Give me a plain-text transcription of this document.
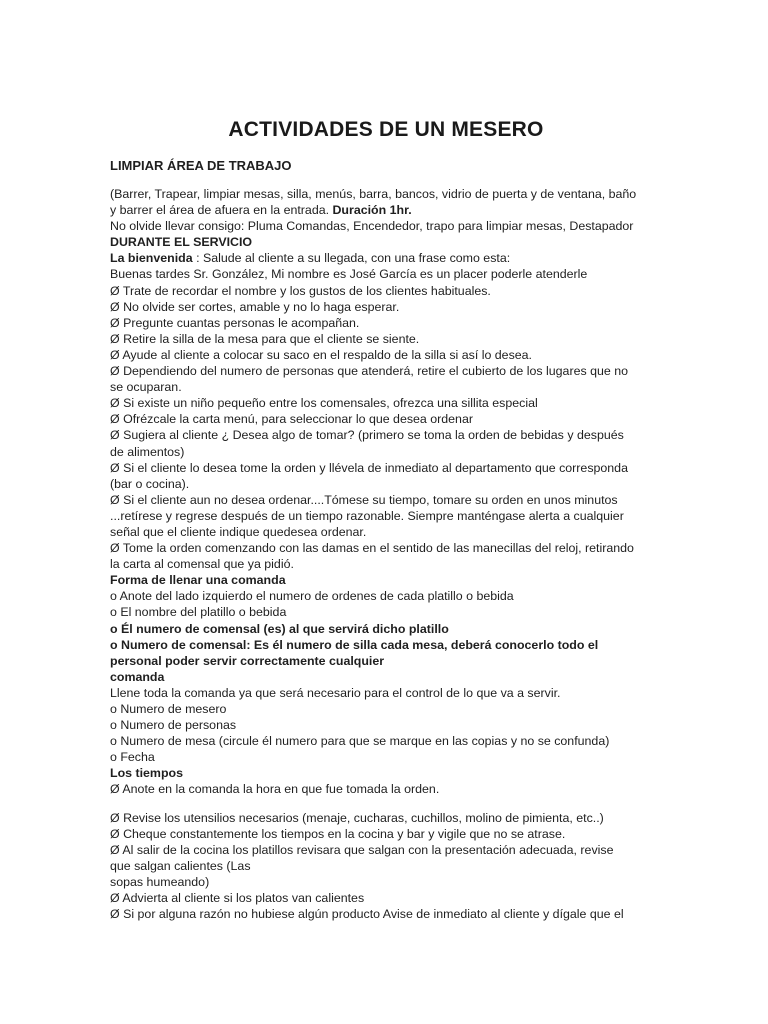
ACTIVIDADES DE UN MESERO
LIMPIAR ÁREA DE TRABAJO
(Barrer, Trapear, limpiar mesas, silla, menús, barra, bancos, vidrio de puerta y de ventana, baño
y barrer el área de afuera en la entrada. Duración 1hr.
No olvide llevar consigo: Pluma Comandas, Encendedor, trapo para limpiar mesas, Destapador
DURANTE EL SERVICIO
La bienvenida : Salude al cliente a su llegada, con una frase como esta:
Buenas tardes Sr. González, Mi nombre es José García es un placer poderle atenderle
Ø Trate de recordar el nombre y los gustos de los clientes habituales.
Ø No olvide ser cortes, amable y no lo haga esperar.
Ø Pregunte cuantas personas le acompañan.
Ø Retire la silla de la mesa para que el cliente se siente.
Ø Ayude al cliente a colocar su saco en el respaldo de la silla si así lo desea.
Ø Dependiendo del numero de personas que atenderá, retire el cubierto de los lugares que no
se ocuparan.
Ø Si existe un niño pequeño entre los comensales, ofrezca una sillita especial
Ø Ofrézcale la carta menú, para seleccionar lo que desea ordenar
Ø Sugiera al cliente ¿ Desea algo de tomar? (primero se toma la orden de bebidas y después
de alimentos)
Ø Si el cliente lo desea tome la orden y llévela de inmediato al departamento que corresponda
(bar o cocina).
Ø Si el cliente aun no desea ordenar....Tómese su tiempo, tomare su orden en unos minutos
...retírese y regrese después de un tiempo razonable. Siempre manténgase alerta a cualquier
señal que el cliente indique quedesea ordenar.
Ø Tome la orden comenzando con las damas en el sentido de las manecillas del reloj, retirando
la carta al comensal que ya pidió.
Forma de llenar una comanda
o Anote del lado izquierdo el numero de ordenes de cada platillo o bebida
o El nombre del platillo o bebida
o Él numero de comensal (es) al que servirá dicho platillo
o Numero de comensal: Es él numero de silla cada mesa, deberá conocerlo todo el
personal poder servir correctamente cualquier
comanda
Llene toda la comanda ya que será necesario para el control de lo que va a servir.
o Numero de mesero
o Numero de personas
o Numero de mesa (circule él numero para que se marque en las copias y no se confunda)
o Fecha
Los tiempos
Ø Anote en la comanda la hora en que fue tomada la orden.
Ø Revise los utensilios necesarios (menaje, cucharas, cuchillos, molino de pimienta, etc..)
Ø Cheque constantemente los tiempos en la cocina y bar y vigile que no se atrase.
Ø Al salir de la cocina los platillos revisara que salgan con la presentación adecuada, revise
que salgan calientes (Las
sopas humeando)
Ø Advierta al cliente si los platos van calientes
Ø Si por alguna razón no hubiese algún producto Avise de inmediato al cliente y dígale que el
